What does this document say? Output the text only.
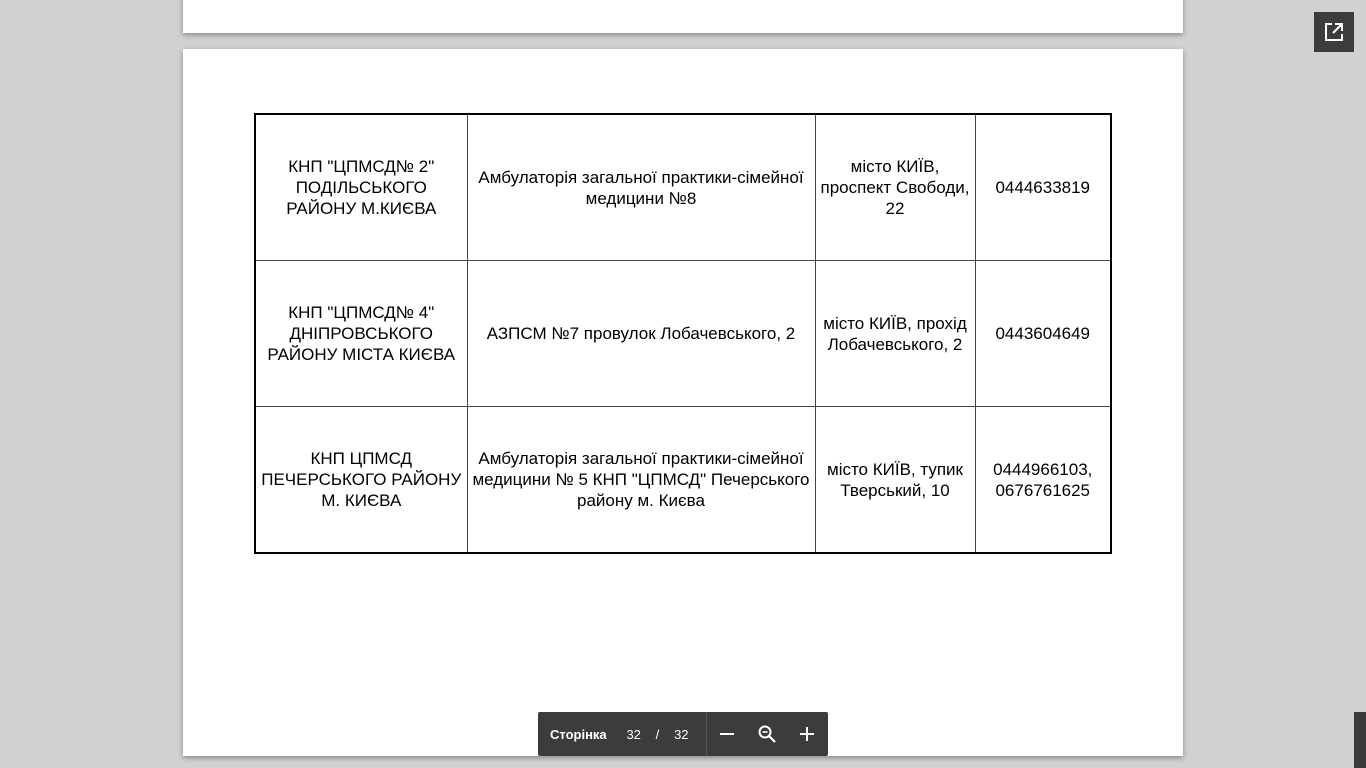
КНП "ЦПМСД№ 2" ПОДІЛЬСЬКОГО РАЙОНУ М.КИЄВА	Амбулаторія загальної практики-сімейної медицини №8	місто КИЇВ, проспект Свободи, 22	0444633819
КНП "ЦПМСД№ 4" ДНІПРОВСЬКОГО РАЙОНУ МІСТА КИЄВА	АЗПСМ №7 провулок Лобачевського, 2	місто КИЇВ, прохід Лобачевського, 2	0443604649
КНП ЦПМСД ПЕЧЕРСЬКОГО РАЙОНУ М. КИЄВА	Амбулаторія загальної практики-сімейної медицини № 5 КНП "ЦПМСД" Печерського району м. Києва	місто КИЇВ, тупик Тверський, 10	0444966103, 0676761625
Сторінка	32	/	32
